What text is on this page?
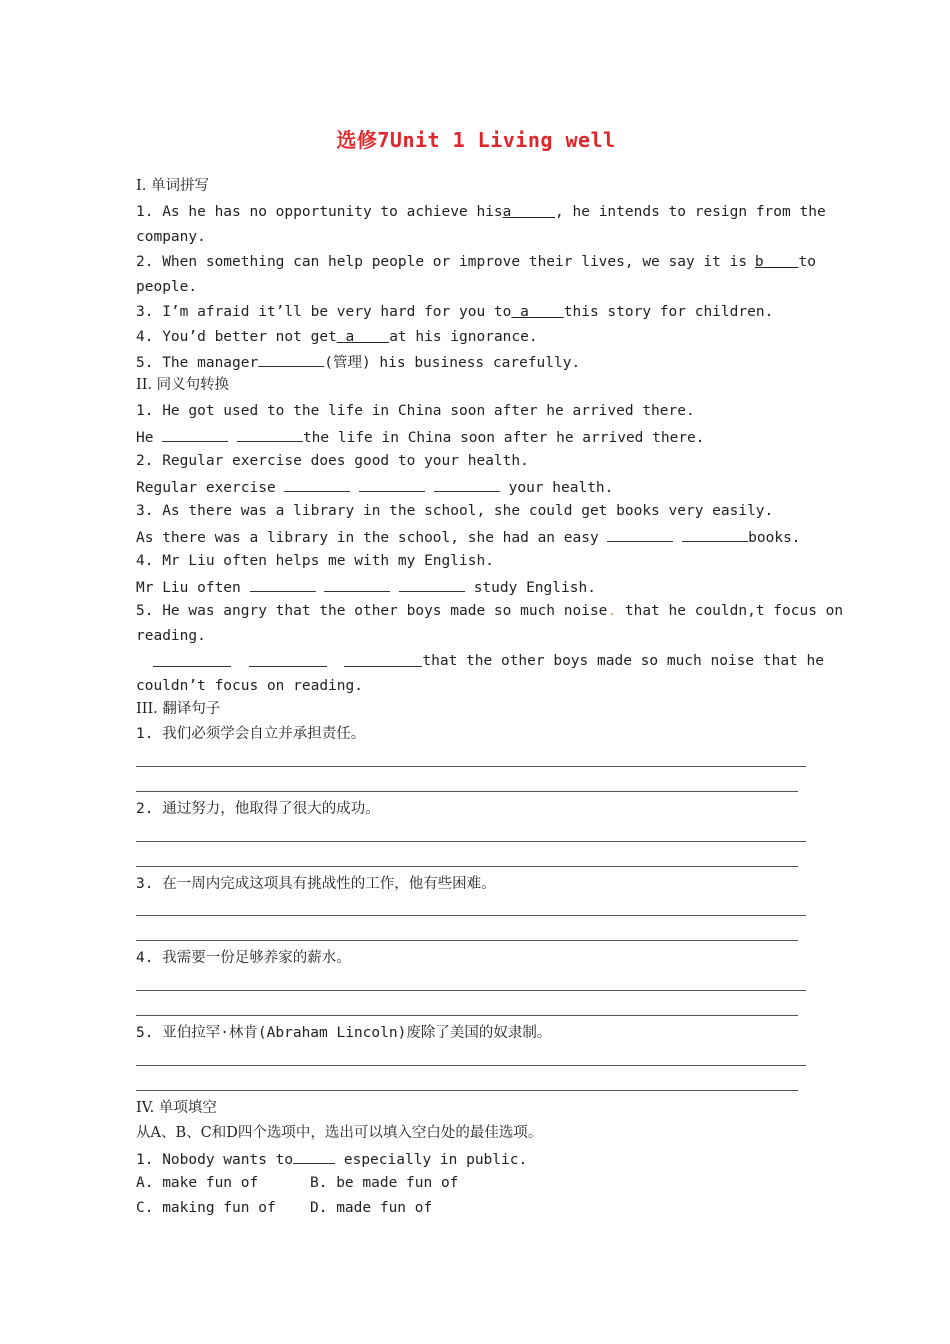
选修7Unit 1 Living well
I. 单词拼写
1. As he has no opportunity to achieve hisa	, he intends to resign from the
company.
2. When something can help people or improve their lives, we say it is b to
people.
3. I’m afraid it’ll be very hard for you to a this story for children.
4. You’d better not get a at his ignorance.
5. The manager	(管理) his business carefully.
II. 同义句转换
1. He got used to the life in China soon after he arrived there.
He	the life in China soon after he arrived there.
2. Regular exercise does good to your health.
Regular exercise	your health.
3. As there was a library in the school, she could get books very easily.
As there was a library in the school, she had an easy	books.
4. Mr Liu often helps me with my English.
Mr Liu often	study English.
5. He was angry that the other boys made so much noise. that he couldn,t focus on
reading.

that the other boys made so much noise that he
couldn’t focus on reading.
III. 翻译句子
1. 我们必须学会自立并承担责任。
2. 通过努力，他取得了很大的成功。
3. 在一周内完成这项具有挑战性的工作，他有些困难。
4. 我需要一份足够养家的薪水。
5. 亚伯拉罕·林肯(Abraham Lincoln)废除了美国的奴隶制。
IV. 单项填空
从A、B、C和D四个选项中，选出可以填入空白处的最佳选项。
1. Nobody wants to	especially in public.
A. make fun of	B. be made fun of
C. making fun of D. made fun of
